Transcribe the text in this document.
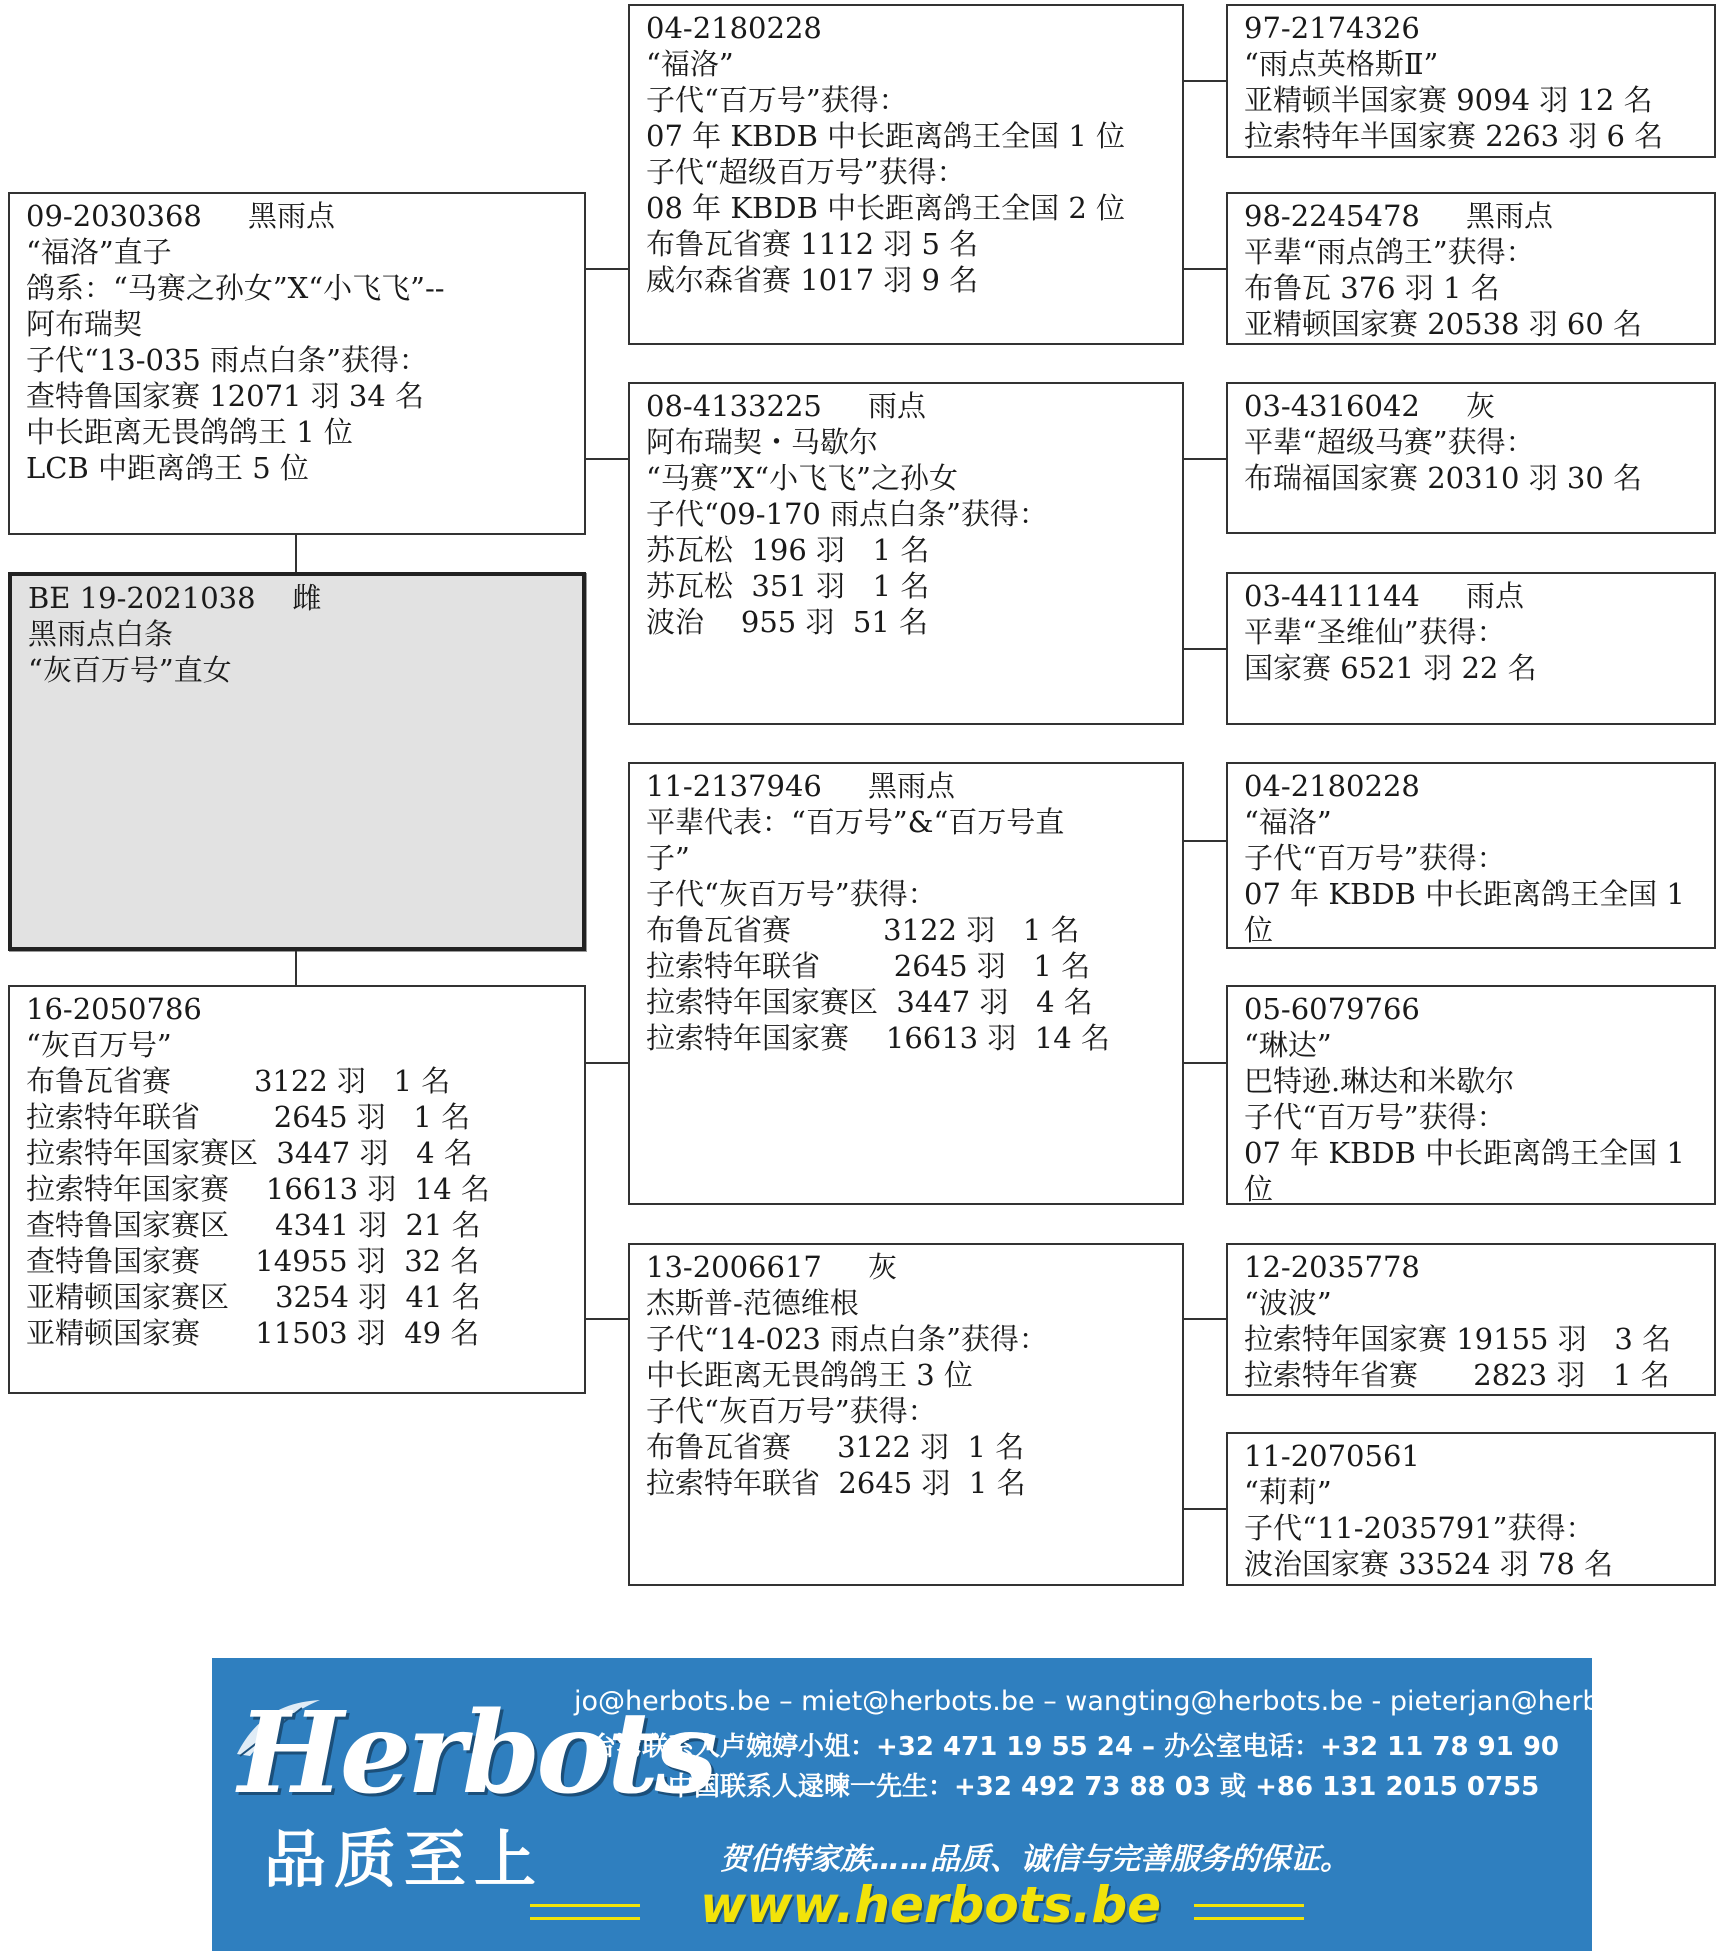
09-2030368     黑雨点
“福洛”直子
鸽系：“马赛之孙女”X“小飞飞”--
阿布瑞契
子代“13-035 雨点白条”获得：
查特鲁国家赛 12071 羽 34 名
中长距离无畏鸽鸽王 1 位
LCB 中距离鸽王 5 位
BE 19-2021038    雌
黑雨点白条
“灰百万号”直女
16-2050786
“灰百万号”
布鲁瓦省赛         3122 羽   1 名
拉索特年联省        2645 羽   1 名
拉索特年国家赛区  3447 羽   4 名
拉索特年国家赛    16613 羽  14 名
查特鲁国家赛区     4341 羽  21 名
查特鲁国家赛      14955 羽  32 名
亚精顿国家赛区     3254 羽  41 名
亚精顿国家赛      11503 羽  49 名
04-2180228
“福洛”
子代“百万号”获得：
07 年 KBDB 中长距离鸽王全国 1 位
子代“超级百万号”获得：
08 年 KBDB 中长距离鸽王全国 2 位
布鲁瓦省赛 1112 羽 5 名
威尔森省赛 1017 羽 9 名
08-4133225     雨点
阿布瑞契・马歇尔
“马赛”X“小飞飞”之孙女
子代“09-170 雨点白条”获得：
苏瓦松  196 羽   1 名
苏瓦松  351 羽   1 名
波治    955 羽  51 名
11-2137946     黑雨点
平辈代表：“百万号”&“百万号直
子”
子代“灰百万号”获得：
布鲁瓦省赛          3122 羽   1 名
拉索特年联省        2645 羽   1 名
拉索特年国家赛区  3447 羽   4 名
拉索特年国家赛    16613 羽  14 名
13-2006617     灰
杰斯普-范德维根
子代“14-023 雨点白条”获得：
中长距离无畏鸽鸽王 3 位
子代“灰百万号”获得：
布鲁瓦省赛     3122 羽  1 名
拉索特年联省  2645 羽  1 名
97-2174326
“雨点英格斯Ⅱ”
亚精顿半国家赛 9094 羽 12 名
拉索特年半国家赛 2263 羽 6 名
98-2245478     黑雨点
平辈“雨点鸽王”获得：
布鲁瓦 376 羽 1 名
亚精顿国家赛 20538 羽 60 名
03-4316042     灰
平辈“超级马赛”获得：
布瑞福国家赛 20310 羽 30 名
03-4411144     雨点
平辈“圣维仙”获得：
国家赛 6521 羽 22 名
04-2180228
“福洛”
子代“百万号”获得：
07 年 KBDB 中长距离鸽王全国 1
位
05-6079766
“琳达”
巴特逊.琳达和米歇尔
子代“百万号”获得：
07 年 KBDB 中长距离鸽王全国 1
位
12-2035778
“波波”
拉索特年国家赛 19155 羽   3 名
拉索特年省赛      2823 羽   1 名
11-2070561
“莉莉”
子代“11-2035791”获得：
波治国家赛 33524 羽 78 名
Herbots
品质至上
jo@herbots.be – miet@herbots.be – wangting@herbots.be - pieterjan@herbots.be
台湾联系人卢婉婷小姐：+32 471 19 55 24 – 办公室电话：+32 11 78 91 90
中国联系人逯暕一先生：+32 492 73 88 03 或 +86 131 2015 0755
贺伯特家族……品质、诚信与完善服务的保证。
www.herbots.be
